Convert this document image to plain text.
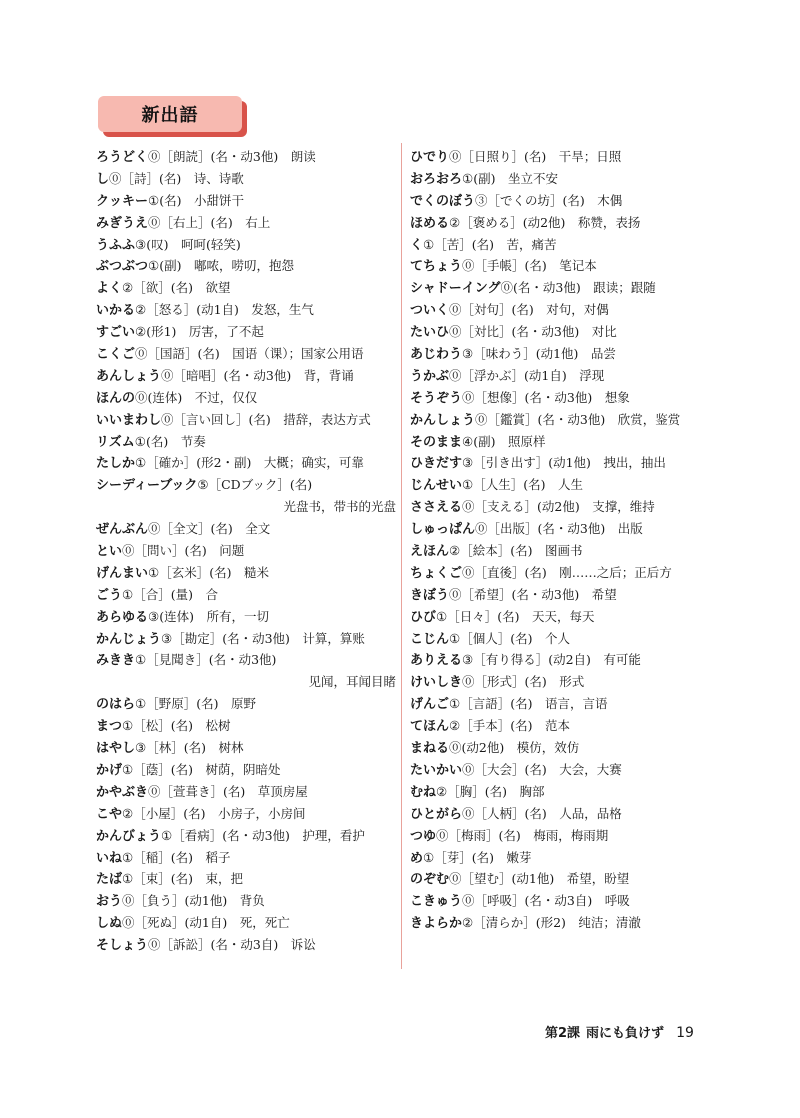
新出語
ろうどく⓪［朗読］(名・动3他)　朗读
し⓪［詩］(名)　诗、诗歌
クッキー①(名)　小甜饼干
みぎうえ⓪［右上］(名)　右上
うふふ③(叹)　呵呵(轻笑)
ぶつぶつ①(副)　嘟哝，唠叨，抱怨
よく②［欲］(名)　欲望
いかる②［怒る］(动1自)　发怒，生气
すごい②(形1)　厉害，了不起
こくご⓪［国語］(名)　国语（课）；国家公用语
あんしょう⓪［暗唱］(名・动3他)　背，背诵
ほんの⓪(连体)　不过，仅仅
いいまわし⓪［言い回し］(名)　措辞，表达方式
リズム①(名)　节奏
たしか①［確か］(形2・副)　大概；确实，可靠
シーディーブック⑤［CDブック］(名)
光盘书，带书的光盘
ぜんぶん⓪［全文］(名)　全文
とい⓪［問い］(名)　问题
げんまい①［玄米］(名)　糙米
ごう①［合］(量)　合
あらゆる③(连体)　所有，一切
かんじょう③［勘定］(名・动3他)　计算，算账
みきき①［見聞き］(名・动3他)
见闻，耳闻目睹
のはら①［野原］(名)　原野
まつ①［松］(名)　松树
はやし③［林］(名)　树林
かげ①［蔭］(名)　树荫，阴暗处
かやぶき⓪［萱葺き］(名)　草顶房屋
こや②［小屋］(名)　小房子，小房间
かんびょう①［看病］(名・动3他)　护理，看护
いね①［稲］(名)　稻子
たば①［束］(名)　束，把
おう⓪［負う］(动1他)　背负
しぬ⓪［死ぬ］(动1自)　死，死亡
そしょう⓪［訴訟］(名・动3自)　诉讼
ひでり⓪［日照り］(名)　干旱；日照
おろおろ①(副)　坐立不安
でくのぼう③［でくの坊］(名)　木偶
ほめる②［褒める］(动2他)　称赞，表扬
く①［苦］(名)　苦，痛苦
てちょう⓪［手帳］(名)　笔记本
シャドーイング⓪(名・动3他)　跟读；跟随
ついく⓪［対句］(名)　对句，对偶
たいひ⓪［対比］(名・动3他)　对比
あじわう③［味わう］(动1他)　品尝
うかぶ⓪［浮かぶ］(动1自)　浮现
そうぞう⓪［想像］(名・动3他)　想象
かんしょう⓪［鑑賞］(名・动3他)　欣赏，鉴赏
そのまま④(副)　照原样
ひきだす③［引き出す］(动1他)　拽出，抽出
じんせい①［人生］(名)　人生
ささえる⓪［支える］(动2他)　支撑，维持
しゅっぱん⓪［出版］(名・动3他)　出版
えほん②［絵本］(名)　图画书
ちょくご⓪［直後］(名)　刚……之后；正后方
きぼう⓪［希望］(名・动3他)　希望
ひび①［日々］(名)　天天，每天
こじん①［個人］(名)　个人
ありえる③［有り得る］(动2自)　有可能
けいしき⓪［形式］(名)　形式
げんご①［言語］(名)　语言，言语
てほん②［手本］(名)　范本
まねる⓪(动2他)　模仿，效仿
たいかい⓪［大会］(名)　大会，大赛
むね②［胸］(名)　胸部
ひとがら⓪［人柄］(名)　人品，品格
つゆ⓪［梅雨］(名)　梅雨，梅雨期
め①［芽］(名)　嫩芽
のぞむ⓪［望む］(动1他)　希望，盼望
こきゅう⓪［呼吸］(名・动3自)　呼吸
きよらか②［清らか］(形2)　纯洁；清澈
第2課 雨にも負けず 19
